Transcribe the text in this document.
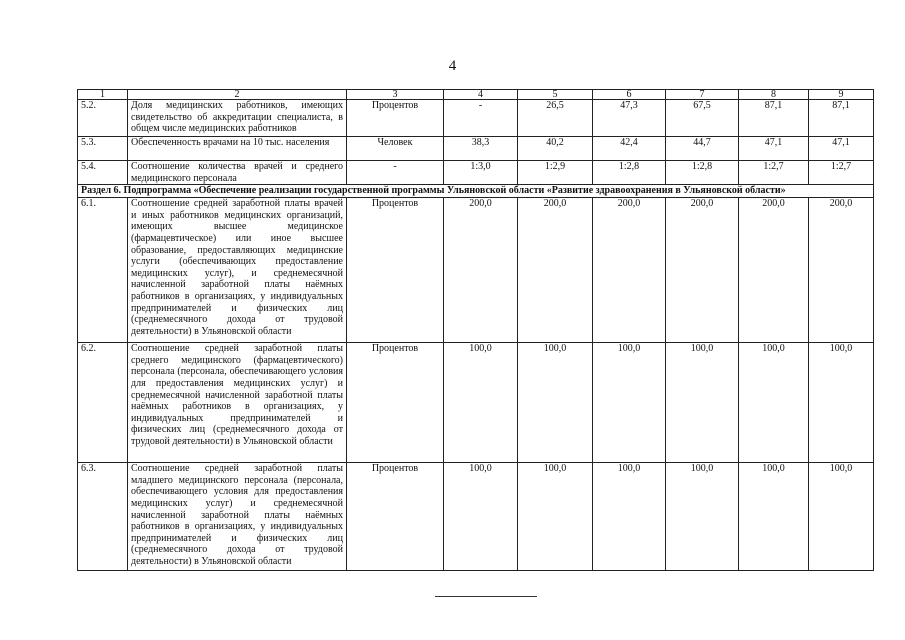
4
1	2	3	4	5	6	7	8	9
5.2.	Доля медицинских работников, имеющих свидетельство об аккредитации специалиста, в общем числе медицинских работников	Процентов	-	26,5	47,3	67,5	87,1	87,1
5.3.	Обеспеченность врачами на 10 тыс. населения	Человек	38,3	40,2	42,4	44,7	47,1	47,1
5.4.	Соотношение количества врачей и среднего медицинского персонала	-	1:3,0	1:2,9	1:2,8	1:2,8	1:2,7	1:2,7
Раздел 6. Подпрограмма «Обеспечение реализации государственной программы Ульяновской области «Развитие здравоохранения в Ульяновской области»								
6.1.	Соотношение средней заработной платы врачей и иных работников медицинских организаций, имеющих высшее медицинское (фармацевтическое) или иное высшее образование, предоставляющих медицинские услуги (обеспечивающих предоставление медицинских услуг), и среднемесячной начисленной заработной платы наёмных работников в организациях, у индивидуальных предпринимателей и физических лиц (среднемесячного дохода от трудовой деятельности) в Ульяновской области	Процентов	200,0	200,0	200,0	200,0	200,0	200,0
6.2.	Соотношение средней заработной платы среднего медицинского (фармацевтического) персонала (персонала, обеспечивающего условия для предоставления медицинских услуг) и среднемесячной начисленной заработной платы наёмных работников в организациях, у индивидуальных предпринимателей и физических лиц (среднемесячного дохода от трудовой деятельности) в Ульяновской области	Процентов	100,0	100,0	100,0	100,0	100,0	100,0
6.3.	Соотношение средней заработной платы младшего медицинского персонала (персонала, обеспечивающего условия для предоставления медицинских услуг) и среднемесячной начисленной заработной платы наёмных работников в организациях, у индивидуальных предпринимателей и физических лиц (среднемесячного дохода от трудовой деятельности) в Ульяновской области	Процентов	100,0	100,0	100,0	100,0	100,0	100,0
